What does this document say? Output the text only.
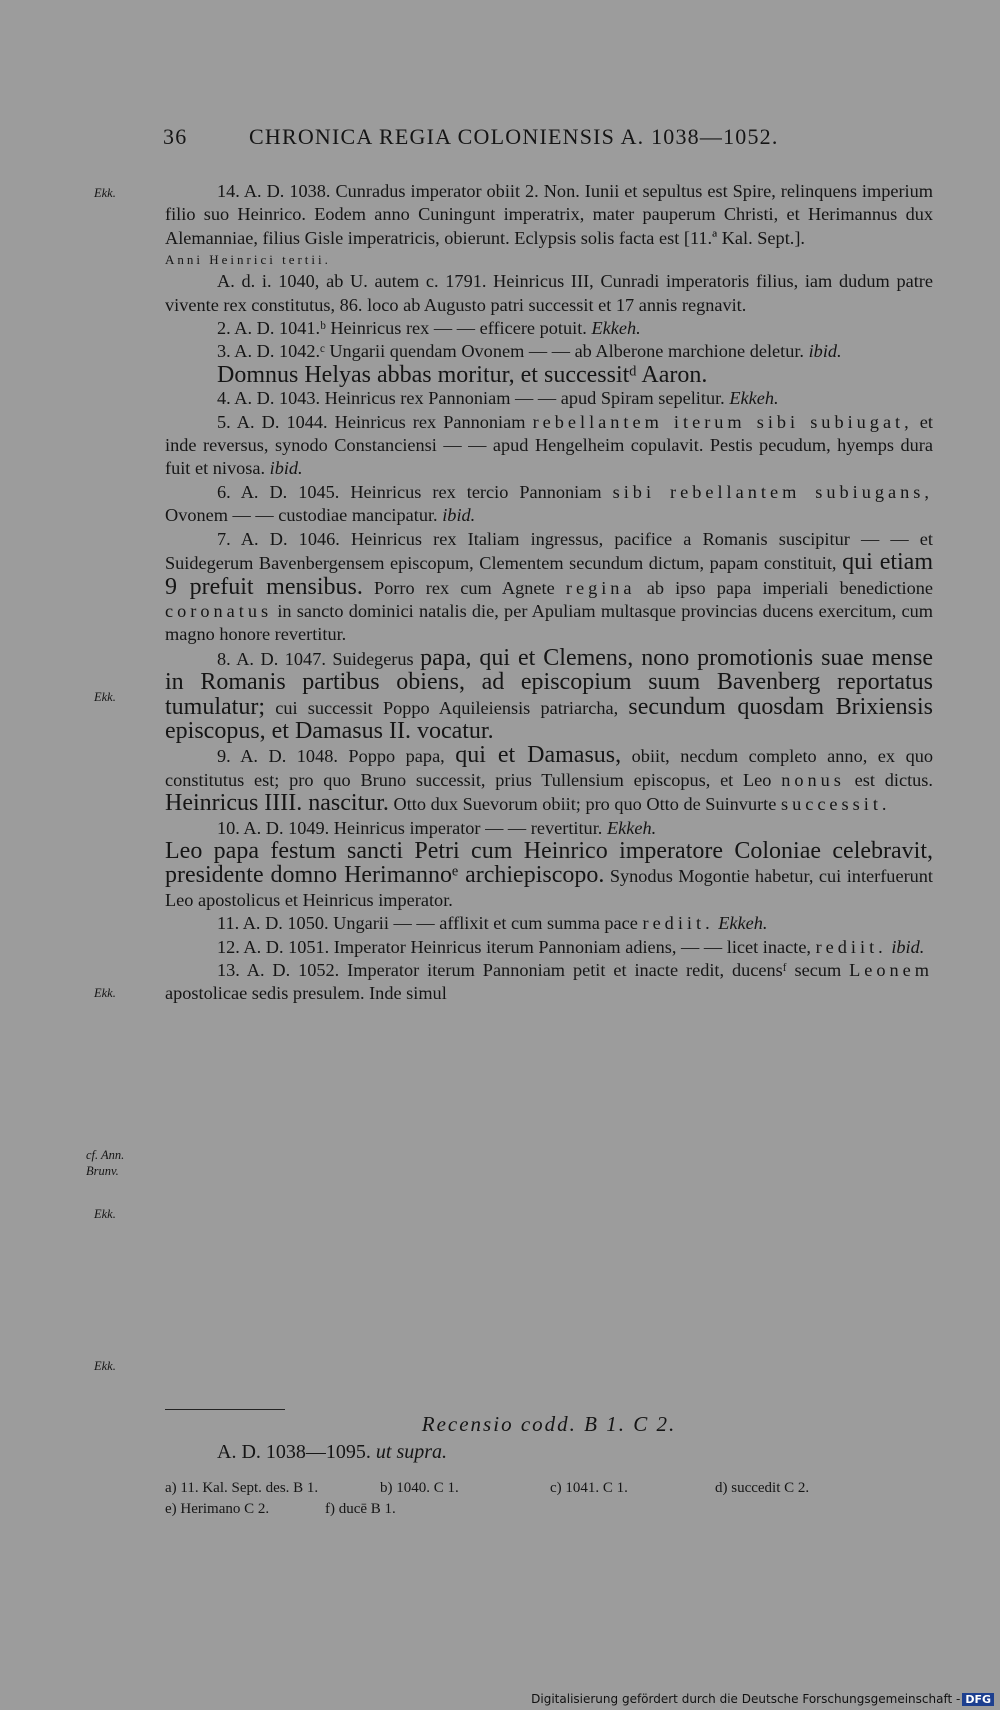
36	CHRONICA REGIA COLONIENSIS A. 1038—1052.
Ekk.
Ekk.
Ekk.
cf. Ann.
Brunv.
Ekk.
Ekk.

14. A. D. 1038. Cunradus imperator obiit 2. Non. Iunii et sepultus est Spire, relinquens imperium filio suo Heinrico. Eodem anno Cuningunt imperatrix, mater pauperum Christi, et Herimannus dux Alemanniae, filius Gisle imperatricis, obierunt. Eclypsis solis facta est [11.ª Kal. Sept.].

Anni Heinrici tertii.

A. d. i. 1040, ab U. autem c. 1791. Heinricus III, Cunradi imperatoris filius, iam dudum patre vivente rex constitutus, 86. loco ab Augusto patri successit et 17 annis regnavit.

2. A. D. 1041.ᵇ Heinricus rex — — efficere potuit. Ekkeh.

3. A. D. 1042.ᶜ Ungarii quendam Ovonem — — ab Alberone marchione deletur. ibid.

Domnus Helyas abbas moritur, et successitᵈ Aaron.

4. A. D. 1043. Heinricus rex Pannoniam — — apud Spiram sepelitur. Ekkeh.

5. A. D. 1044. Heinricus rex Pannoniam rebellantem iterum sibi subiugat, et inde reversus, synodo Constanciensi — — apud Hengelheim copulavit. Pestis pecudum, hyemps dura fuit et nivosa. ibid.

6. A. D. 1045. Heinricus rex tercio Pannoniam sibi rebellantem subiugans, Ovonem — — custodiae mancipatur. ibid.

7. A. D. 1046. Heinricus rex Italiam ingressus, pacifice a Romanis suscipitur — — et Suidegerum Bavenbergensem episcopum, Clementem secundum dictum, papam constituit, qui etiam 9 prefuit mensibus. Porro rex cum Agnete regina ab ipso papa imperiali benedictione coronatus in sancto dominici natalis die, per Apuliam multasque provincias ducens exercitum, cum magno honore revertitur.

8. A. D. 1047. Suidegerus papa, qui et Clemens, nono promotionis suae mense in Romanis partibus obiens, ad episcopium suum Bavenberg reportatus tumulatur; cui successit Poppo Aquileiensis patriarcha, secundum quosdam Brixiensis episcopus, et Damasus II. vocatur.

9. A. D. 1048. Poppo papa, qui et Damasus, obiit, necdum completo anno, ex quo constitutus est; pro quo Bruno successit, prius Tullensium episcopus, et Leo nonus est dictus. Heinricus IIII. nascitur. Otto dux Suevorum obiit; pro quo Otto de Suinvurte successit.

10. A. D. 1049. Heinricus imperator — — revertitur. Ekkeh.

Leo papa festum sancti Petri cum Heinrico imperatore Coloniae celebravit, presidente domno Herimannoᵉ archiepiscopo. Synodus Mogontie habetur, cui interfuerunt Leo apostolicus et Heinricus imperator.

11. A. D. 1050. Ungarii — — afflixit et cum summa pace rediit. Ekkeh.

12. A. D. 1051. Imperator Heinricus iterum Pannoniam adiens, — — licet inacte, rediit. ibid.

13. A. D. 1052. Imperator iterum Pannoniam petit et inacte redit, ducensᶠ secum Leonem apostolicae sedis presulem. Inde simul

Recensio codd. B 1. C 2.
A. D. 1038—1095. ut supra.
a) 11. Kal. Sept. des. B 1.	b) 1040. C 1.	c) 1041. C 1.	d) succedit C 2.
e) Herimano C 2.	f) ducē B 1.
Digitalisierung gefördert durch die Deutsche Forschungsgemeinschaft - DFG
